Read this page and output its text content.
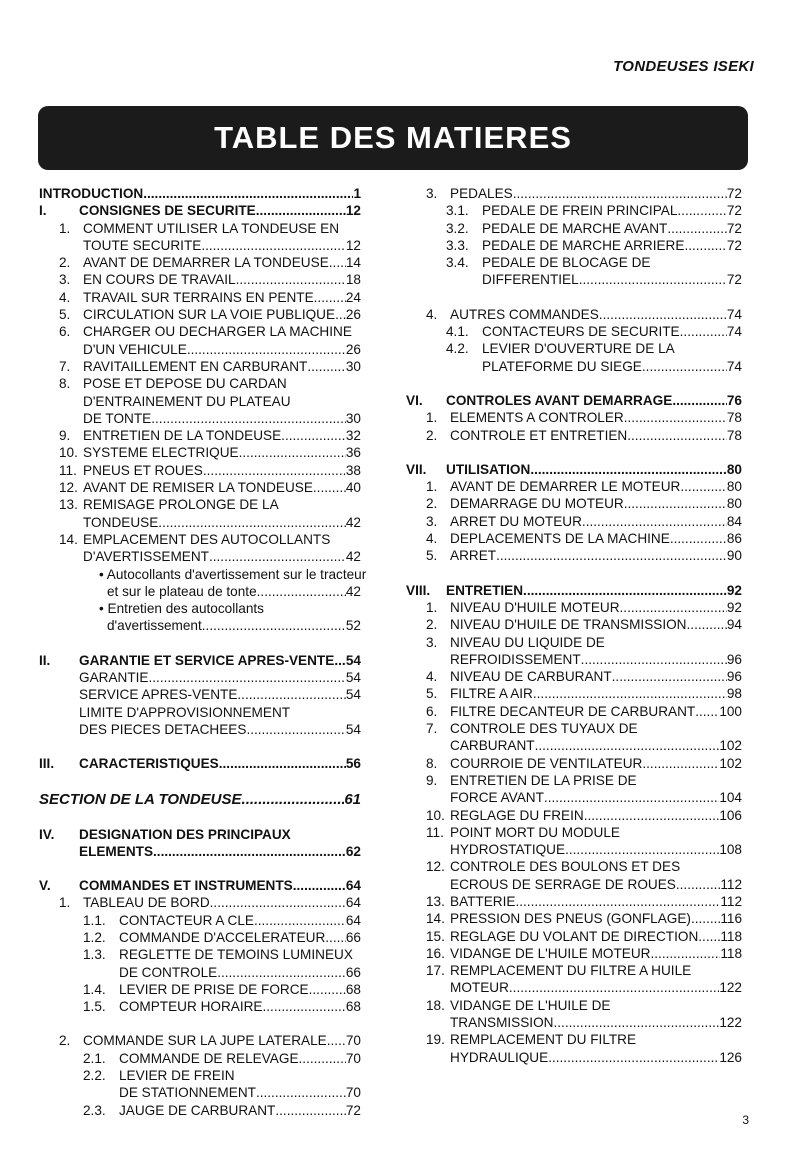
TONDEUSES ISEKI
TABLE DES MATIERES
INTRODUCTION .....	1
I.	CONSIGNES DE SECURITE .....	12
1. COMMENT UTILISER LA TONDEUSE EN
TOUTE SECURITE .....	12
2. AVANT DE DEMARRER LA TONDEUSE ..... 14
3. EN COURS DE TRAVAIL .....	18
4. TRAVAIL SUR TERRAINS EN PENTE ..... 24
5. CIRCULATION SUR LA VOIE PUBLIQUE ..... 26
6. CHARGER OU DECHARGER LA MACHINE
D'UN VEHICULE .....	26
7. RAVITAILLEMENT EN CARBURANT .....	30
8. POSE ET DEPOSE DU CARDAN
D'ENTRAINEMENT DU PLATEAU
DE TONTE .....	30
9. ENTRETIEN DE LA TONDEUSE .....	32
10. SYSTEME ELECTRIQUE .....	36
11. PNEUS ET ROUES .....	38
12. AVANT DE REMISER LA TONDEUSE ..... 40
13. REMISAGE PROLONGE DE LA
TONDEUSE .....	42
14. EMPLACEMENT DES AUTOCOLLANTS
D'AVERTISSEMENT .....	42
• Autocollants d'avertissement sur le tracteur
et sur le plateau de tonte .....	42
• Entretien des autocollants
d'avertissement .....	52
II.	GARANTIE ET SERVICE APRES-VENTE ..... 54
GARANTIE .....	54
SERVICE APRES-VENTE .....	54
LIMITE D'APPROVISIONNEMENT
DES PIECES DETACHEES .....	54
III.	CARACTERISTIQUES .....	56
SECTION DE LA TONDEUSE .....	61
IV.	DESIGNATION DES PRINCIPAUX
ELEMENTS .....	62
V.	COMMANDES ET INSTRUMENTS .....	64
1. TABLEAU DE BORD .....	64
1.1. CONTACTEUR A CLE .....	64
1.2. COMMANDE D'ACCELERATEUR ..... 66
1.3. REGLETTE DE TEMOINS LUMINEUX
DE CONTROLE .....	66
1.4. LEVIER DE PRISE DE FORCE .....	68
1.5. COMPTEUR HORAIRE .....	68
2. COMMANDE SUR LA JUPE LATERALE ..... 70
2.1. COMMANDE DE RELEVAGE .....	70
2.2. LEVIER DE FREIN
DE STATIONNEMENT .....	70
2.3. JAUGE DE CARBURANT .....	72
3. PEDALES .....	72
3.1. PEDALE DE FREIN PRINCIPAL .....	72
3.2. PEDALE DE MARCHE AVANT .....	72
3.3. PEDALE DE MARCHE ARRIERE .....	72
3.4. PEDALE DE BLOCAGE DE
DIFFERENTIEL .....	72
4. AUTRES COMMANDES .....	74
4.1. CONTACTEURS DE SECURITE .....	74
4.2. LEVIER D'OUVERTURE DE LA
PLATEFORME DU SIEGE .....	74
VI.	CONTROLES AVANT DEMARRAGE .....	76
1. ELEMENTS A CONTROLER .....	78
2. CONTROLE ET ENTRETIEN .....	78
VII.	UTILISATION .....	80
1. AVANT DE DEMARRER LE MOTEUR .....	80
2. DEMARRAGE DU MOTEUR .....	80
3. ARRET DU MOTEUR .....	84
4. DEPLACEMENTS DE LA MACHINE .....	86
5. ARRET .....	90
VIII.	ENTRETIEN .....	92
1. NIVEAU D'HUILE MOTEUR .....	92
2. NIVEAU D'HUILE DE TRANSMISSION .....	94
3. NIVEAU DU LIQUIDE DE
REFROIDISSEMENT .....	96
4. NIVEAU DE CARBURANT .....	96
5. FILTRE A AIR .....	98
6. FILTRE DECANTEUR DE CARBURANT ..... 100
7. CONTROLE DES TUYAUX DE
CARBURANT .....	102
8. COURROIE DE VENTILATEUR .....	102
9. ENTRETIEN DE LA PRISE DE
FORCE AVANT .....	104
10. REGLAGE DU FREIN .....	106
11. POINT MORT DU MODULE
HYDROSTATIQUE .....	108
12. CONTROLE DES BOULONS ET DES
ECROUS DE SERRAGE DE ROUES .....	112
13. BATTERIE .....	112
14. PRESSION DES PNEUS (GONFLAGE) ..... 116
15. REGLAGE DU VOLANT DE DIRECTION ..... 118
16. VIDANGE DE L'HUILE MOTEUR .....	118
17. REMPLACEMENT DU FILTRE A HUILE
MOTEUR .....	122
18. VIDANGE DE L'HUILE DE
TRANSMISSION .....	122
19. REMPLACEMENT DU FILTRE
HYDRAULIQUE .....	126
3
